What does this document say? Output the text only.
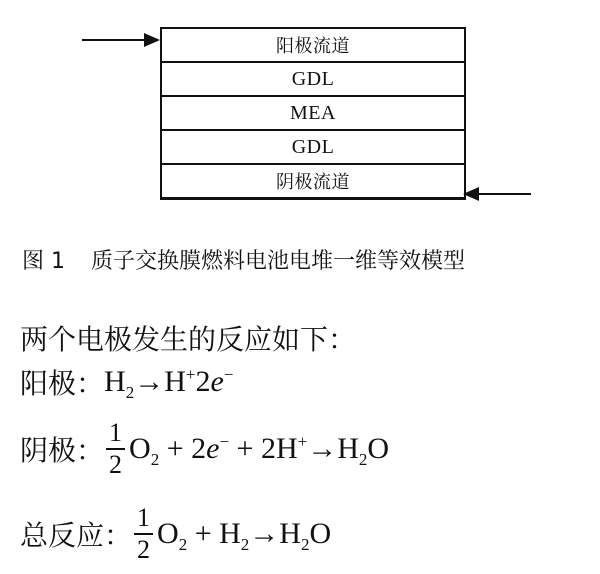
阳极流道
GDL
MEA
GDL
阴极流道
图 1 质子交换膜燃料电池电堆一维等效模型
两个电极发生的反应如下：
阳极： $H_2\to H^+2e^-$
阴极： $\frac{1}{2} O_2 + 2e^- + 2H^+\to H_2O$
总反应： $\frac{1}{2} O_2 + H_2\to H_2O$
